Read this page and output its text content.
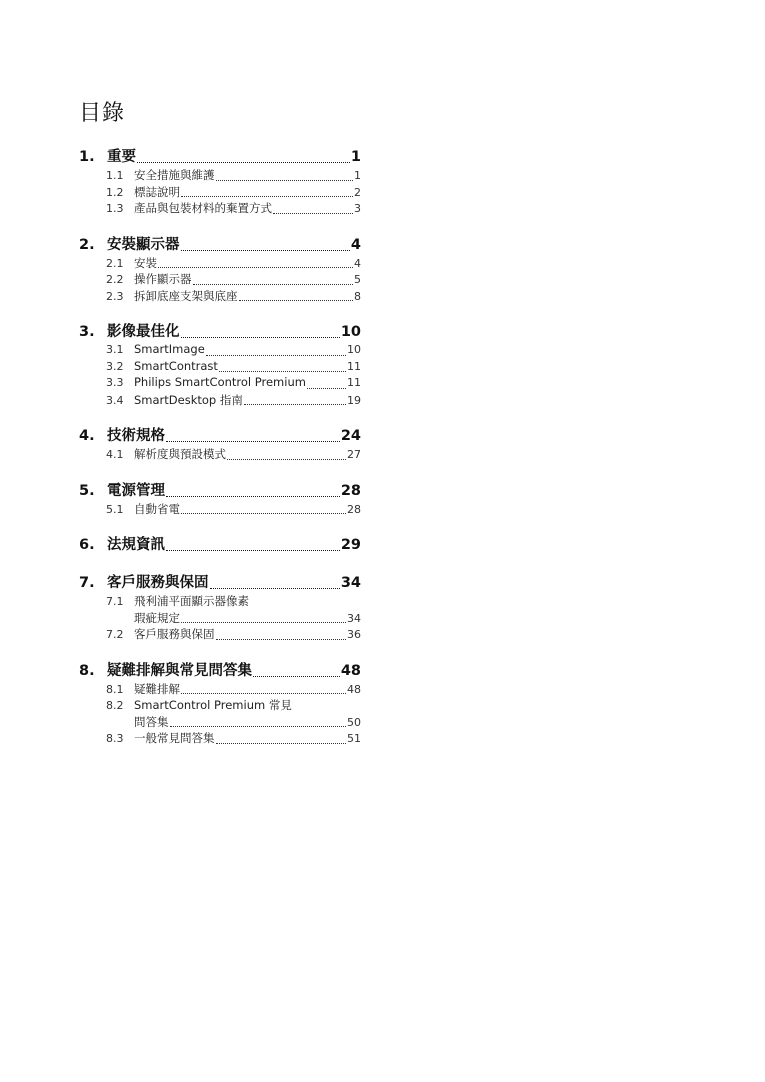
目錄
1. 重要	1
1.1 安全措施與維護	1
1.2 標誌說明	2
1.3 產品與包裝材料的棄置方式	3
2. 安裝顯示器	4
2.1 安裝	4
2.2 操作顯示器	5
2.3 拆卸底座支架與底座	8
3. 影像最佳化	10
3.1 SmartImage	10
3.2 SmartContrast	11
3.3 Philips SmartControl Premium	11
3.4 SmartDesktop 指南	19
4. 技術規格	24
4.1 解析度與預設模式	27
5. 電源管理	28
5.1 自動省電	28
6. 法規資訊	29
7. 客戶服務與保固	34
7.1 飛利浦平面顯示器像素
瑕疵規定	34
7.2 客戶服務與保固	36
8. 疑難排解與常見問答集	48
8.1 疑難排解	48
8.2 SmartControl Premium 常見
問答集	50
8.3 一般常見問答集	51
